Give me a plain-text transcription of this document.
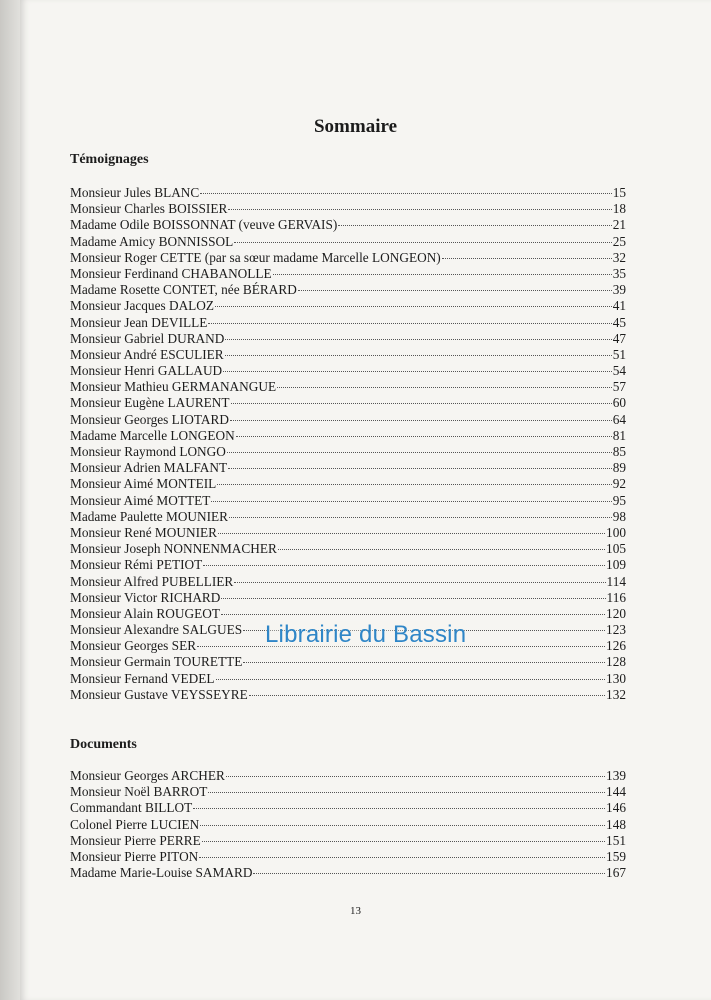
Sommaire
Témoignages
Monsieur Jules BLANC	15
Monsieur Charles BOISSIER	18
Madame Odile BOISSONNAT (veuve GERVAIS)	21
Madame Amicy BONNISSOL	25
Monsieur Roger CETTE (par sa sœur madame Marcelle LONGEON)	32
Monsieur Ferdinand CHABANOLLE	35
Madame Rosette CONTET, née BÉRARD	39
Monsieur Jacques DALOZ	41
Monsieur Jean DEVILLE	45
Monsieur Gabriel DURAND	47
Monsieur André ESCULIER	51
Monsieur Henri GALLAUD	54
Monsieur Mathieu GERMANANGUE	57
Monsieur Eugène LAURENT	60
Monsieur Georges LIOTARD	64
Madame Marcelle LONGEON	81
Monsieur Raymond LONGO	85
Monsieur Adrien MALFANT	89
Monsieur Aimé MONTEIL	92
Monsieur Aimé MOTTET	95
Madame Paulette MOUNIER	98
Monsieur René MOUNIER	100
Monsieur Joseph NONNENMACHER	105
Monsieur Rémi PETIOT	109
Monsieur Alfred PUBELLIER	114
Monsieur Victor RICHARD	116
Monsieur Alain ROUGEOT	120
Monsieur Alexandre SALGUES	123
Monsieur Georges SER	126
Monsieur Germain TOURETTE	128
Monsieur Fernand VEDEL	130
Monsieur Gustave VEYSSEYRE	132
Documents
Monsieur Georges ARCHER	139
Monsieur Noël BARROT	144
Commandant BILLOT	146
Colonel Pierre LUCIEN	148
Monsieur Pierre PERRE	151
Monsieur Pierre PITON	159
Madame Marie-Louise SAMARD	167
13
Librairie du Bassin
